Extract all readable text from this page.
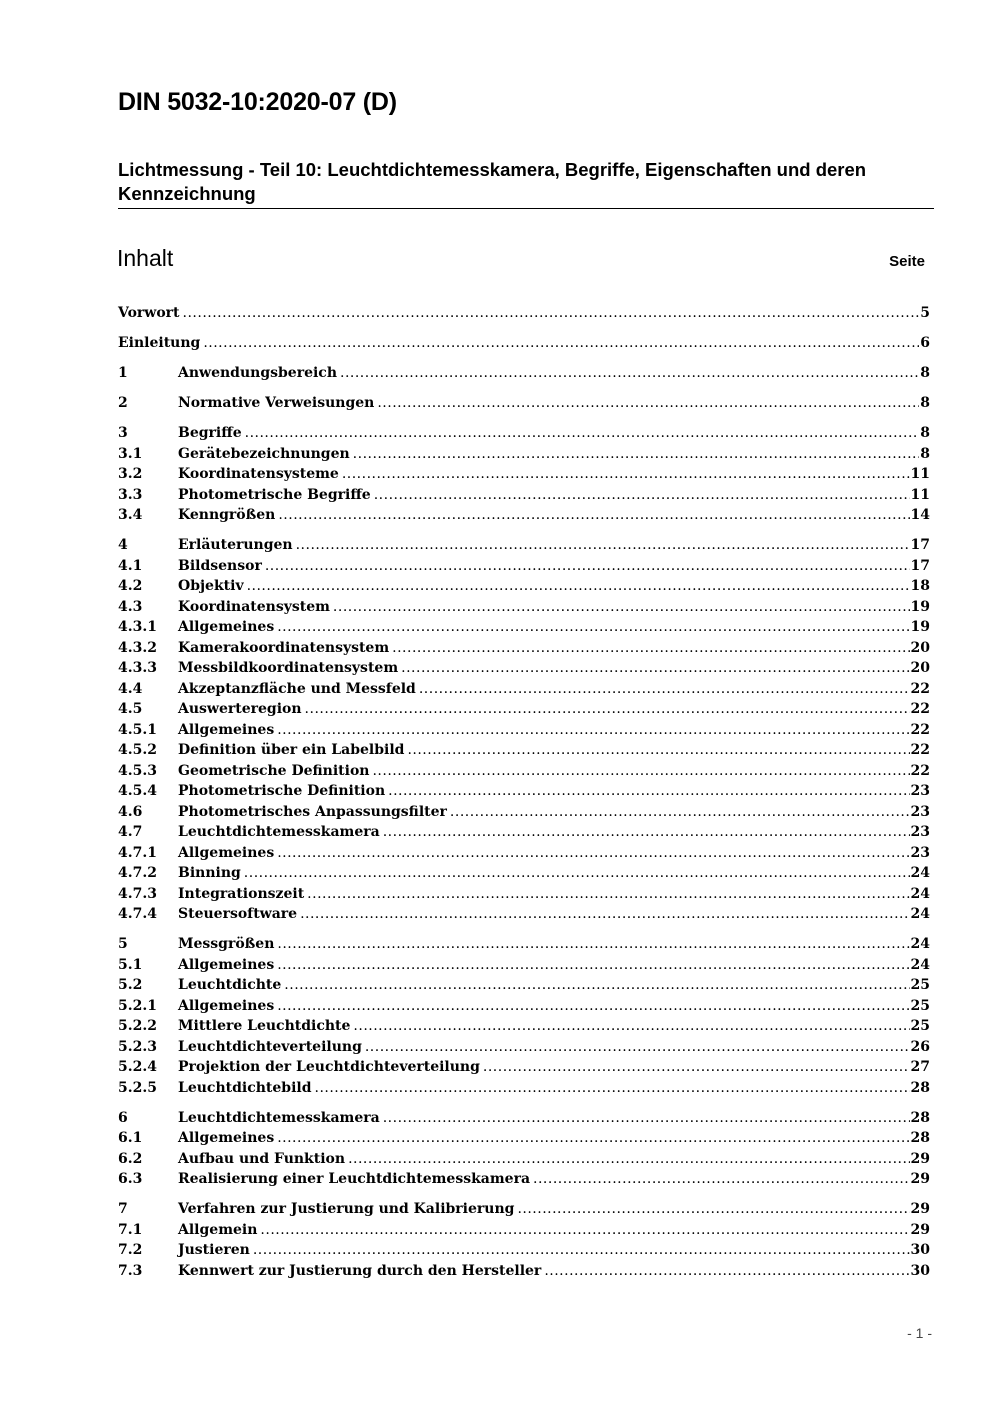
DIN 5032-10:2020-07 (D)
Lichtmessung - Teil 10: Leuchtdichtemesskamera, Begriffe, Eigenschaften und deren Kennzeichnung
Inhalt	Seite
Vorwort .....	5
Einleitung .....	6
1	Anwendungsbereich .....	8
2	Normative Verweisungen .....	8
3	Begriffe .....	8
3.1	Gerätebezeichnungen .....	8
3.2	Koordinatensysteme .....	11
3.3	Photometrische Begriffe .....	11
3.4	Kenngrößen .....	14
4	Erläuterungen .....	17
4.1	Bildsensor .....	17
4.2	Objektiv .....	18
4.3	Koordinatensystem .....	19
4.3.1	Allgemeines .....	19
4.3.2	Kamerakoordinatensystem .....	20
4.3.3	Messbildkoordinatensystem .....	20
4.4	Akzeptanzfläche und Messfeld .....	22
4.5	Auswerteregion .....	22
4.5.1	Allgemeines .....	22
4.5.2	Definition über ein Labelbild .....	22
4.5.3	Geometrische Definition .....	22
4.5.4	Photometrische Definition .....	23
4.6	Photometrisches Anpassungsfilter .....	23
4.7	Leuchtdichtemesskamera .....	23
4.7.1	Allgemeines .....	23
4.7.2	Binning .....	24
4.7.3	Integrationszeit .....	24
4.7.4	Steuersoftware .....	24
5	Messgrößen .....	24
5.1	Allgemeines .....	24
5.2	Leuchtdichte .....	25
5.2.1	Allgemeines .....	25
5.2.2	Mittlere Leuchtdichte .....	25
5.2.3	Leuchtdichteverteilung .....	26
5.2.4	Projektion der Leuchtdichteverteilung .....	27
5.2.5	Leuchtdichtebild .....	28
6	Leuchtdichtemesskamera .....	28
6.1	Allgemeines .....	28
6.2	Aufbau und Funktion .....	29
6.3	Realisierung einer Leuchtdichtemesskamera .....	29
7	Verfahren zur Justierung und Kalibrierung .....	29
7.1	Allgemein .....	29
7.2	Justieren .....	30
7.3	Kennwert zur Justierung durch den Hersteller .....	30
- 1 -
